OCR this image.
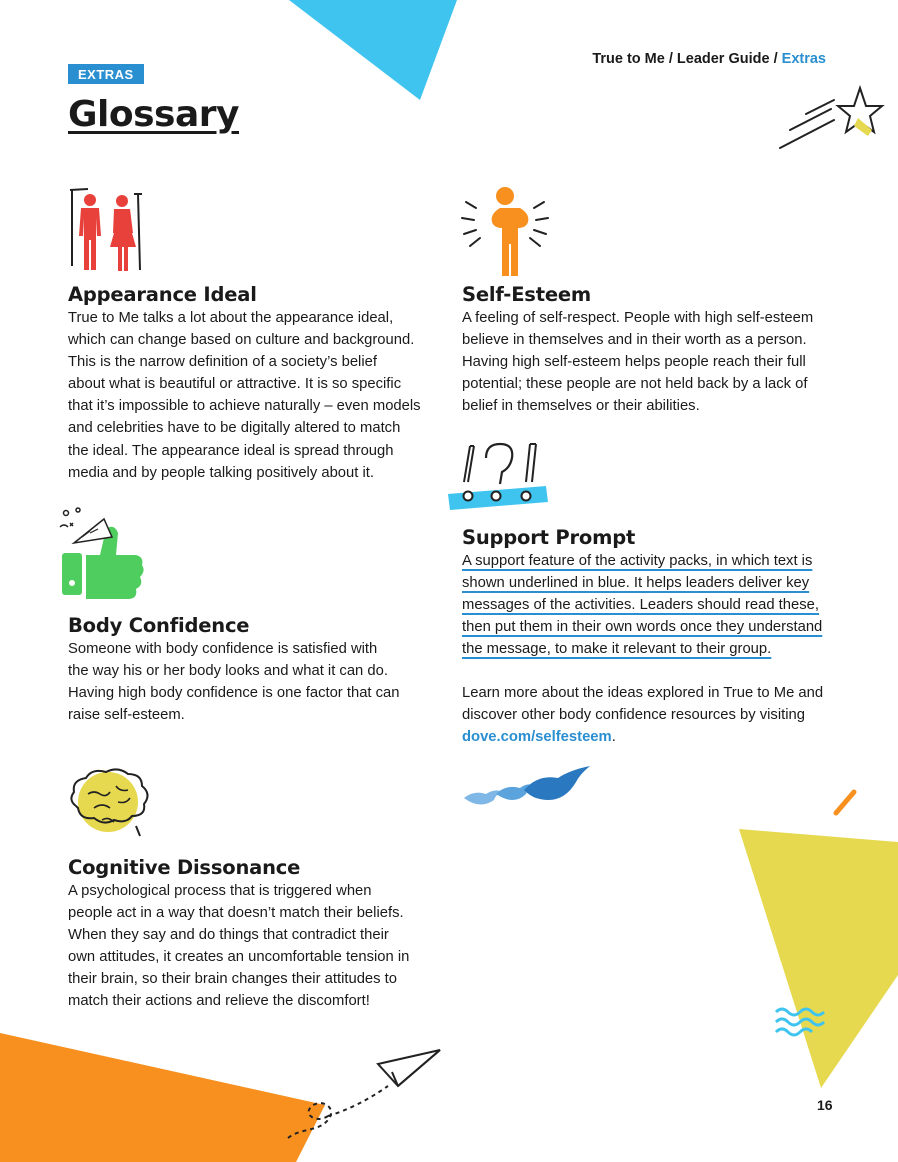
EXTRAS
Glossary
True to Me / Leader Guide / Extras
Appearance Ideal
True to Me talks a lot about the appearance ideal,
which can change based on culture and background.
This is the narrow definition of a society’s belief
about what is beautiful or attractive. It is so specific
that it’s impossible to achieve naturally – even models
and celebrities have to be digitally altered to match
the ideal. The appearance ideal is spread through
media and by people talking positively about it.
Body Confidence
Someone with body confidence is satisfied with
the way his or her body looks and what it can do.
Having high body confidence is one factor that can
raise self-esteem.
Cognitive Dissonance
A psychological process that is triggered when
people act in a way that doesn’t match their beliefs.
When they say and do things that contradict their
own attitudes, it creates an uncomfortable tension in
their brain, so their brain changes their attitudes to
match their actions and relieve the discomfort!
Self-Esteem
A feeling of self-respect. People with high self-esteem
believe in themselves and in their worth as a person.
Having high self-esteem helps people reach their full
potential; these people are not held back by a lack of
belief in themselves or their abilities.
Support Prompt
A support feature of the activity packs, in which text is
shown underlined in blue. It helps leaders deliver key
messages of the activities. Leaders should read these,
then put them in their own words once they understand
the message, to make it relevant to their group.
Learn more about the ideas explored in True to Me and
discover other body confidence resources by visiting
dove.com/selfesteem.
16
